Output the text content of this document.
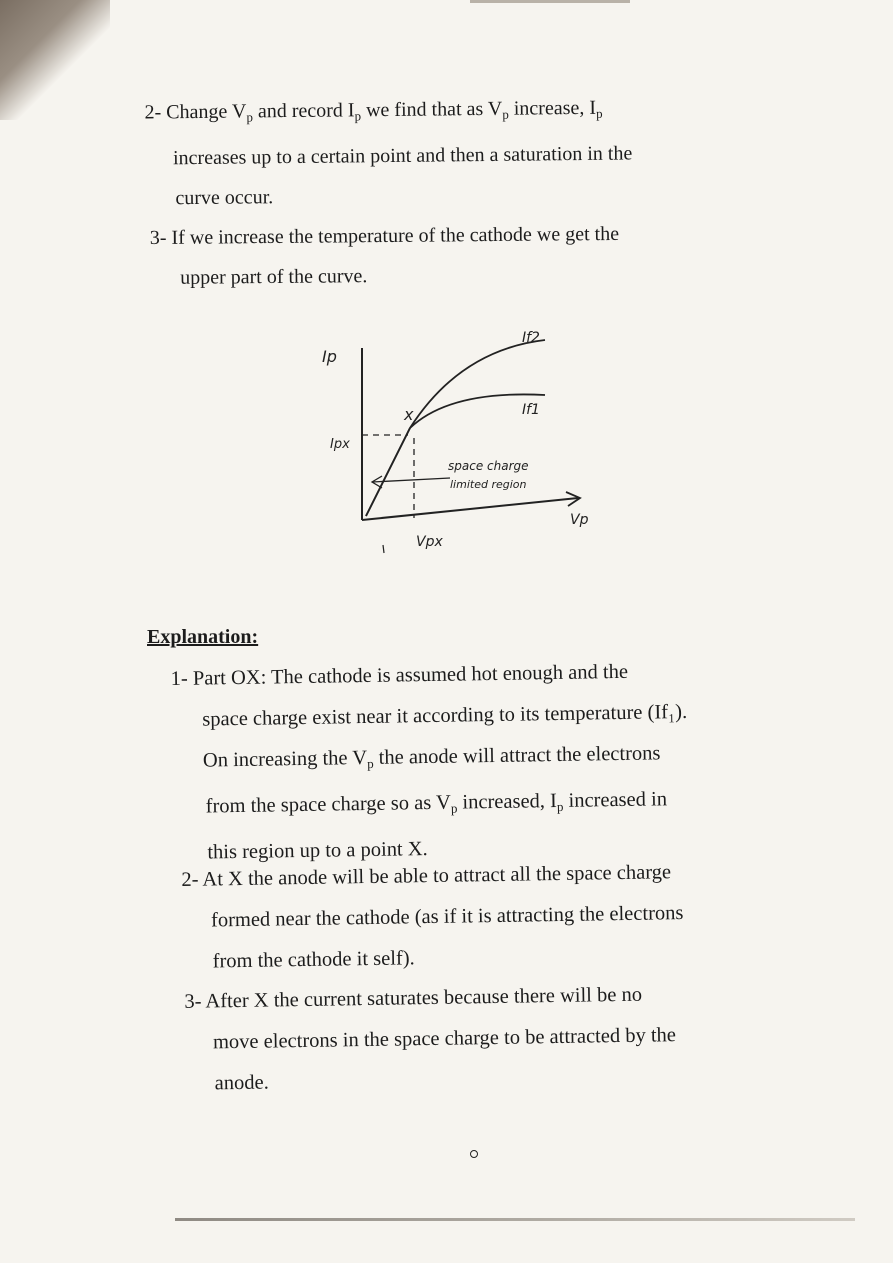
2- Change $V_p$ and record $I_p$ we find that as $V_p$ increase, $I_p$
increases up to a certain point and then a saturation in the
curve occur.
3- If we increase the temperature of the cathode we get the
upper part of the curve.
Ip
Ipx
x
If2
If1
space charge
limited region
Vpx
Vp
Explanation:
1- Part OX: The cathode is assumed hot enough and the
space charge exist near it according to its temperature (If₁).
On increasing the $V_p$ the anode will attract the electrons
from the space charge so as $V_p$ increased, $I_p$ increased in
this region up to a point X.
2- At X the anode will be able to attract all the space charge
formed near the cathode (as if it is attracting the electrons
from the cathode it self).
3- After X the current saturates because there will be no
move electrons in the space charge to be attracted by the
anode.
